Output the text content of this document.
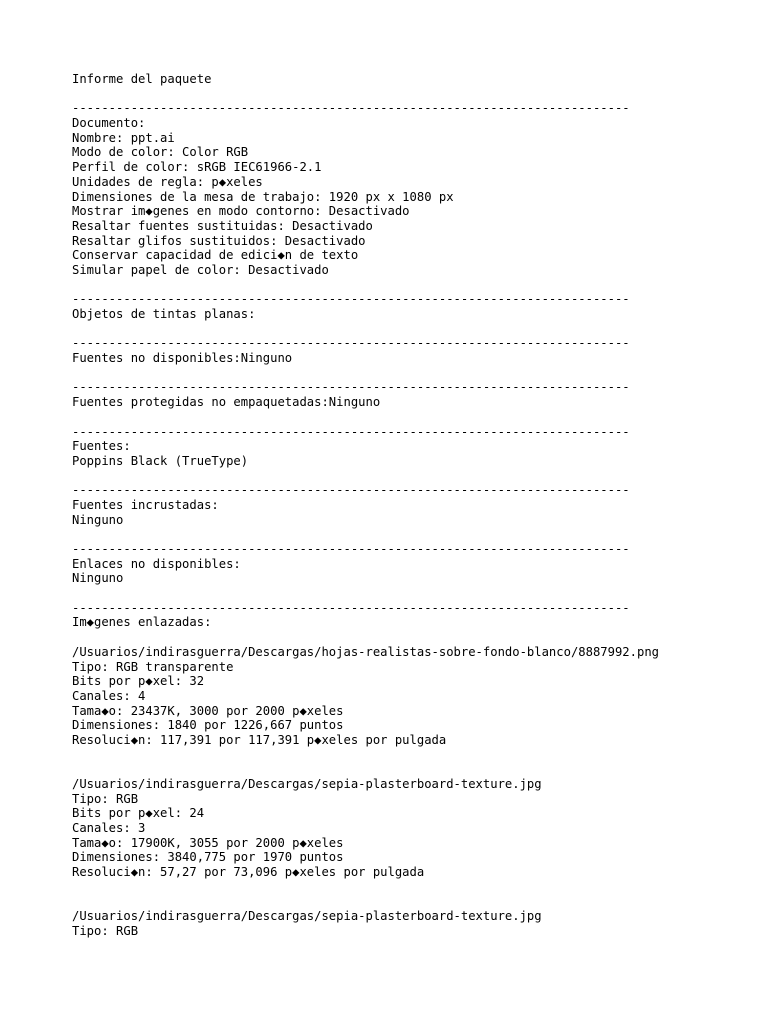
Informe del paquete
----------------------------------------------------------------------------
Documento:
Nombre: ppt.ai
Modo de color: Color RGB
Perfil de color: sRGB IEC61966-2.1
Unidades de regla: p◆xeles
Dimensiones de la mesa de trabajo: 1920 px x 1080 px
Mostrar im◆genes en modo contorno: Desactivado
Resaltar fuentes sustituidas: Desactivado
Resaltar glifos sustituidos: Desactivado
Conservar capacidad de edici◆n de texto
Simular papel de color: Desactivado
----------------------------------------------------------------------------
Objetos de tintas planas:
----------------------------------------------------------------------------
Fuentes no disponibles:Ninguno
----------------------------------------------------------------------------
Fuentes protegidas no empaquetadas:Ninguno
----------------------------------------------------------------------------
Fuentes:
Poppins Black (TrueType)
----------------------------------------------------------------------------
Fuentes incrustadas:
Ninguno
----------------------------------------------------------------------------
Enlaces no disponibles:
Ninguno
----------------------------------------------------------------------------
Im◆genes enlazadas:
/Usuarios/indirasguerra/Descargas/hojas-realistas-sobre-fondo-blanco/8887992.png
Tipo: RGB transparente
Bits por p◆xel: 32
Canales: 4
Tama◆o: 23437K, 3000 por 2000 p◆xeles
Dimensiones: 1840 por 1226,667 puntos
Resoluci◆n: 117,391 por 117,391 p◆xeles por pulgada
/Usuarios/indirasguerra/Descargas/sepia-plasterboard-texture.jpg
Tipo: RGB
Bits por p◆xel: 24
Canales: 3
Tama◆o: 17900K, 3055 por 2000 p◆xeles
Dimensiones: 3840,775 por 1970 puntos
Resoluci◆n: 57,27 por 73,096 p◆xeles por pulgada
/Usuarios/indirasguerra/Descargas/sepia-plasterboard-texture.jpg
Tipo: RGB
